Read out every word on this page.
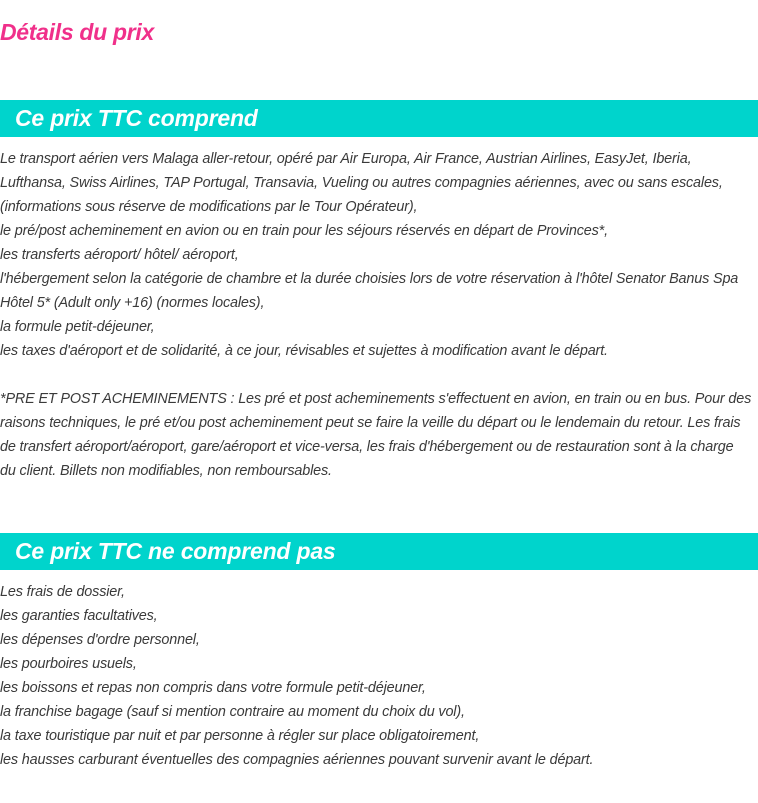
Détails du prix
Ce prix TTC comprend

Le transport aérien vers Malaga aller-retour, opéré par Air Europa, Air France, Austrian Airlines, EasyJet, Iberia,

Lufthansa, Swiss Airlines, TAP Portugal, Transavia, Vueling ou autres compagnies aériennes, avec ou sans escales,

(informations sous réserve de modifications par le Tour Opérateur),

le pré/post acheminement en avion ou en train pour les séjours réservés en départ de Provinces*,

les transferts aéroport/ hôtel/ aéroport,

l'hébergement selon la catégorie de chambre et la durée choisies lors de votre réservation à l'hôtel Senator Banus Spa

Hôtel 5* (Adult only +16) (normes locales),

la formule petit-déjeuner,

les taxes d'aéroport et de solidarité, à ce jour, révisables et sujettes à modification avant le départ.

*PRE ET POST ACHEMINEMENTS : Les pré et post acheminements s'effectuent en avion, en train ou en bus. Pour des

raisons techniques, le pré et/ou post acheminement peut se faire la veille du départ ou le lendemain du retour. Les frais

de transfert aéroport/aéroport, gare/aéroport et vice-versa, les frais d'hébergement ou de restauration sont à la charge

du client. Billets non modifiables, non remboursables.

Ce prix TTC ne comprend pas

Les frais de dossier,

les garanties facultatives,

les dépenses d'ordre personnel,

les pourboires usuels,

les boissons et repas non compris dans votre formule petit-déjeuner,

la franchise bagage (sauf si mention contraire au moment du choix du vol),

la taxe touristique par nuit et par personne à régler sur place obligatoirement,

les hausses carburant éventuelles des compagnies aériennes pouvant survenir avant le départ.
